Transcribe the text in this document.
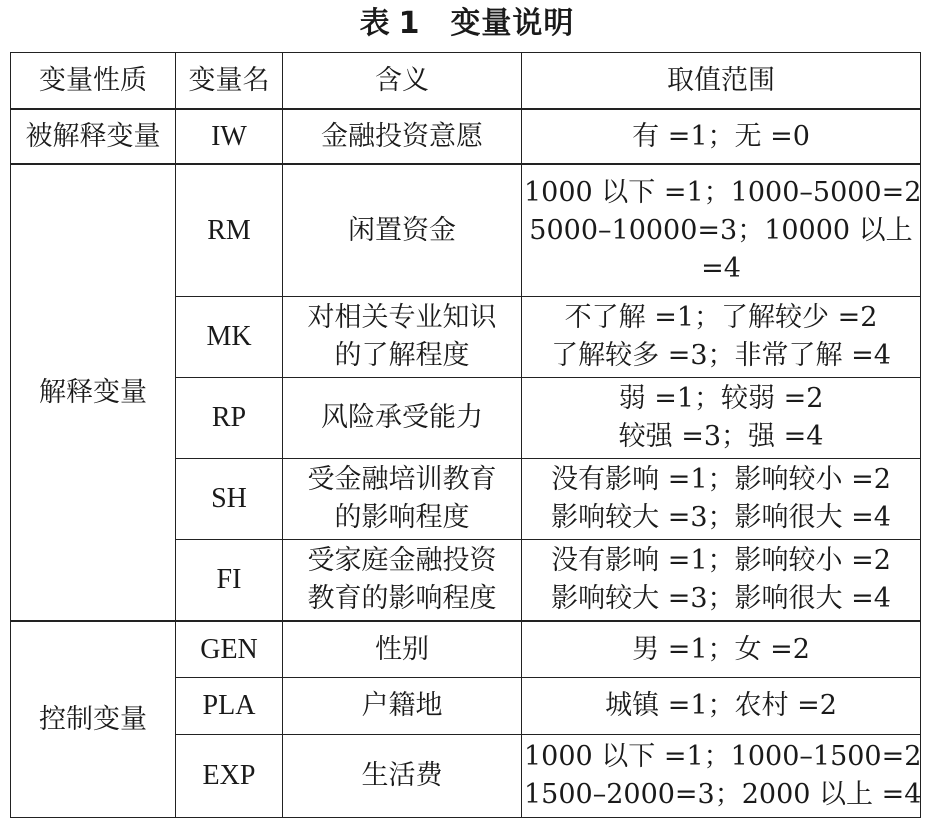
表 1 变量说明
变量性质	变量名	含义	取值范围
被解释变量	IW	金融投资意愿	有 =1；无 =0

解释变量	RM	闲置资金	1000 以下 =1；1000–5000=2
5000–10000=3；10000 以上
=4

	MK	对相关专业知识
的了解程度	不了解 =1；了解较少 =2
了解较多 =3；非常了解 =4

	RP	风险承受能力	弱 =1；较弱 =2
较强 =3；强 =4

	SH	受金融培训教育
的影响程度	没有影响 =1；影响较小 =2
影响较大 =3；影响很大 =4

	FI	受家庭金融投资
教育的影响程度	没有影响 =1；影响较小 =2
影响较大 =3；影响很大 =4

控制变量	GEN	性别	男 =1；女 =2

	PLA	户籍地	城镇 =1；农村 =2

	EXP	生活费	1000 以下 =1；1000–1500=2
1500–2000=3；2000 以上 =4
